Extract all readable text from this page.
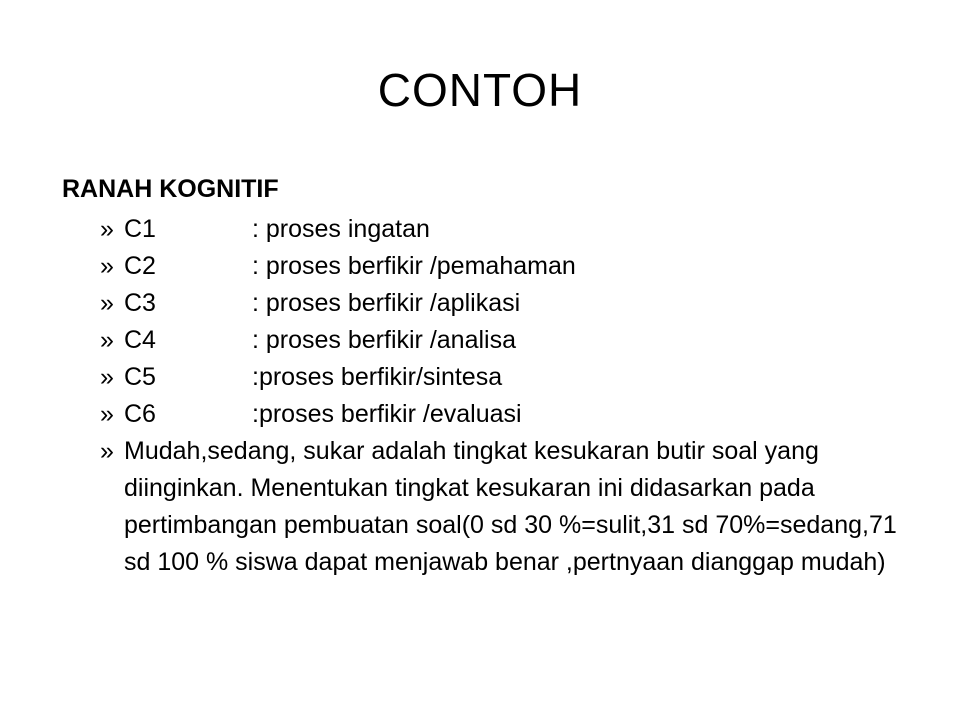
CONTOH
RANAH KOGNITIF
» C1	: proses ingatan
» C2	: proses berfikir /pemahaman
» C3	: proses berfikir /aplikasi
» C4	: proses berfikir /analisa
» C5	:proses berfikir/sintesa
» C6	:proses berfikir /evaluasi
» Mudah,sedang, sukar adalah tingkat kesukaran butir soal yang diinginkan. Menentukan tingkat kesukaran ini didasarkan pada pertimbangan pembuatan soal(0 sd 30 %=sulit,31 sd 70%=sedang,71 sd 100 % siswa dapat menjawab benar ,pertnyaan dianggap mudah)
